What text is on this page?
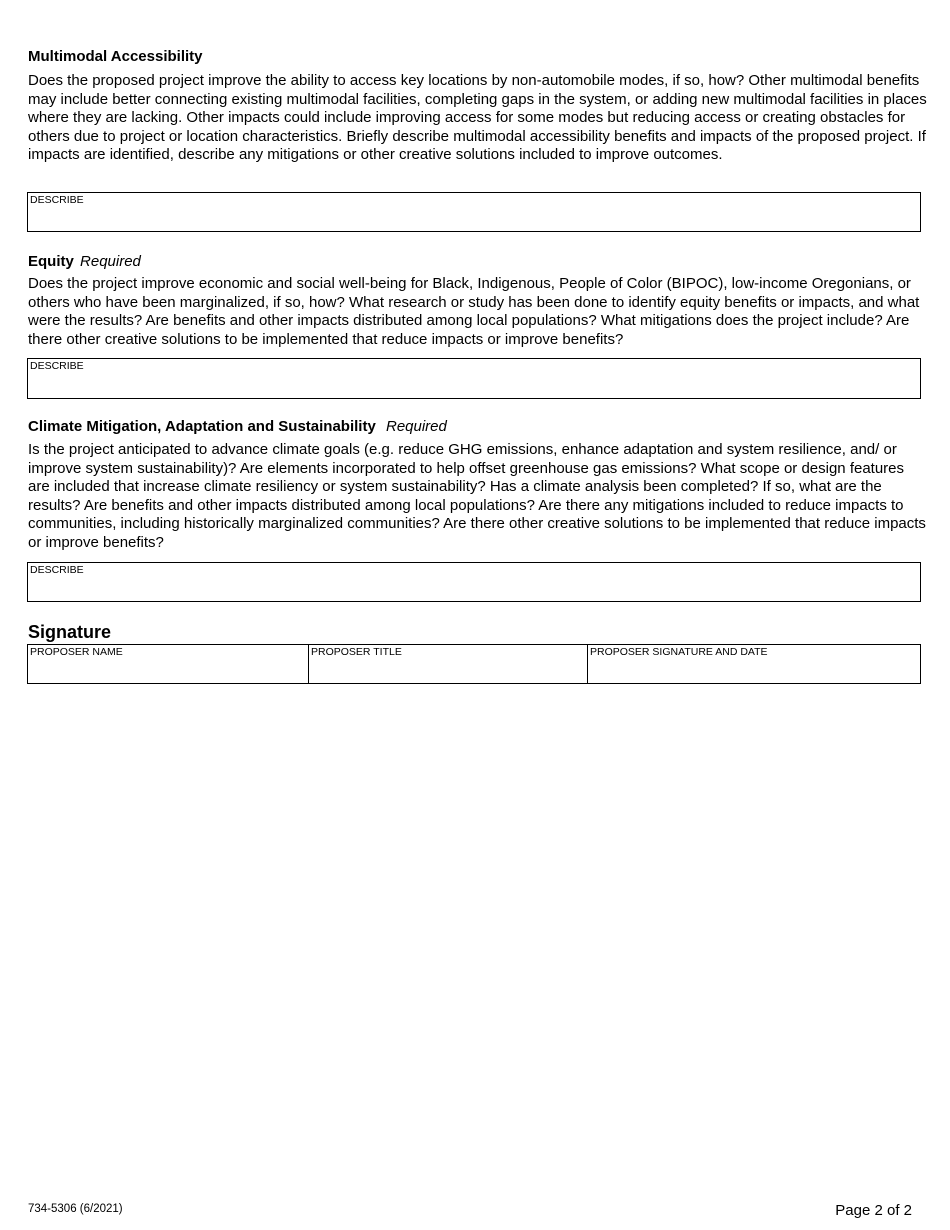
Multimodal Accessibility

Does the proposed project improve the ability to access key locations by non-automobile modes, if so, how? Other multimodal benefits may include better connecting existing multimodal facilities, completing gaps in the system, or adding new multimodal facilities in places where they are lacking. Other impacts could include improving access for some modes but reducing access or creating obstacles for others due to project or location characteristics. Briefly describe multimodal accessibility benefits and impacts of the proposed project. If impacts are identified, describe any mitigations or other creative solutions included to improve outcomes.

DESCRIBE
Equity Required

Does the project improve economic and social well-being for Black, Indigenous, People of Color (BIPOC), low-income Oregonians, or others who have been marginalized, if so, how? What research or study has been done to identify equity benefits or impacts, and what were the results? Are benefits and other impacts distributed among local populations? What mitigations does the project include? Are there other creative solutions to be implemented that reduce impacts or improve benefits?

DESCRIBE
Climate Mitigation, Adaptation and Sustainability Required

Is the project anticipated to advance climate goals (e.g. reduce GHG emissions, enhance adaptation and system resilience, and/ or improve system sustainability)? Are elements incorporated to help offset greenhouse gas emissions? What scope or design features are included that increase climate resiliency or system sustainability? Has a climate analysis been completed? If so, what are the results? Are benefits and other impacts distributed among local populations? Are there any mitigations included to reduce impacts to communities, including historically marginalized communities? Are there other creative solutions to be implemented that reduce impacts or improve benefits?

DESCRIBE
Signature
PROPOSER NAME	PROPOSER TITLE	PROPOSER SIGNATURE AND DATE
734-5306 (6/2021)	Page 2 of 2
